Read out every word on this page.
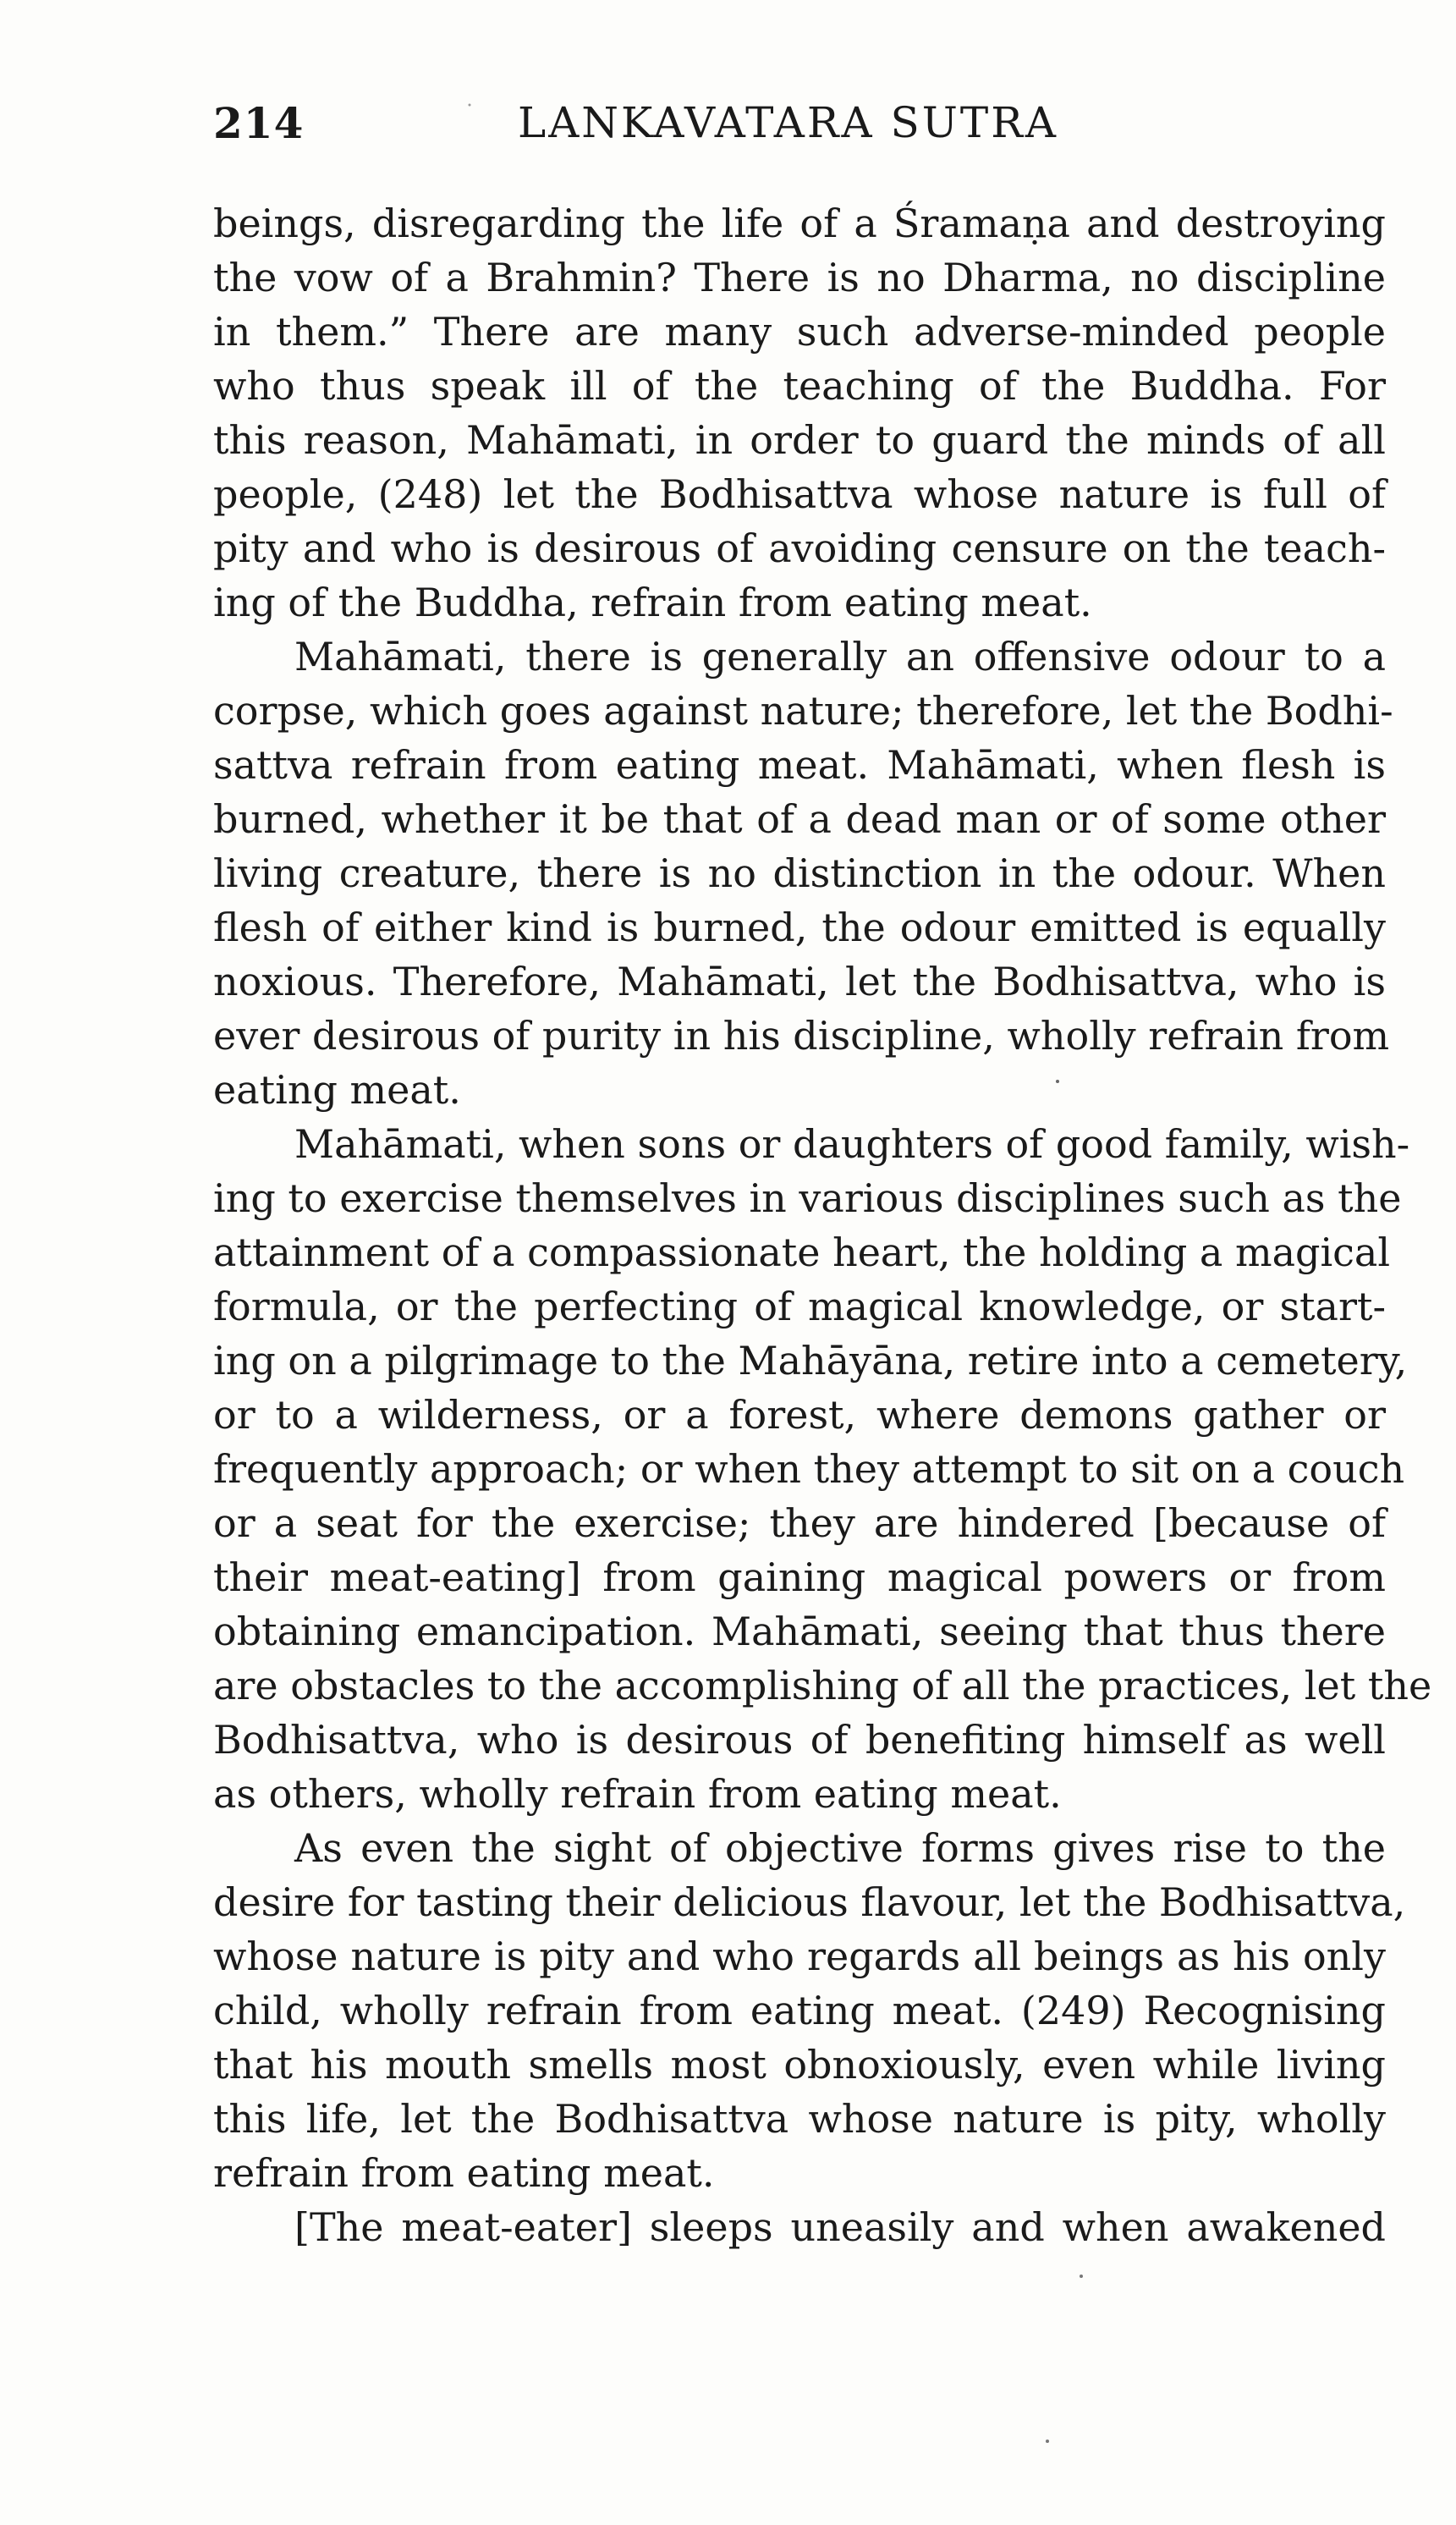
214	LANKAVATARA SUTRA
beings, disregarding the life of a Śramaṇa and destroying
the vow of a Brahmin? There is no Dharma, no discipline
in them.” There are many such adverse-minded people
who thus speak ill of the teaching of the Buddha. For
this reason, Mahāmati, in order to guard the minds of all
people, (248) let the Bodhisattva whose nature is full of
pity and who is desirous of avoiding censure on the teach-
ing of the Buddha, refrain from eating meat.
Mahāmati, there is generally an offensive odour to a
corpse, which goes against nature; therefore, let the Bodhi-
sattva refrain from eating meat. Mahāmati, when flesh is
burned, whether it be that of a dead man or of some other
living creature, there is no distinction in the odour. When
flesh of either kind is burned, the odour emitted is equally
noxious. Therefore, Mahāmati, let the Bodhisattva, who is
ever desirous of purity in his discipline, wholly refrain from
eating meat.
Mahāmati, when sons or daughters of good family, wish-
ing to exercise themselves in various disciplines such as the
attainment of a compassionate heart, the holding a magical
formula, or the perfecting of magical knowledge, or start-
ing on a pilgrimage to the Mahāyāna, retire into a cemetery,
or to a wilderness, or a forest, where demons gather or
frequently approach; or when they attempt to sit on a couch
or a seat for the exercise; they are hindered [because of
their meat-eating] from gaining magical powers or from
obtaining emancipation. Mahāmati, seeing that thus there
are obstacles to the accomplishing of all the practices, let the
Bodhisattva, who is desirous of benefiting himself as well
as others, wholly refrain from eating meat.
As even the sight of objective forms gives rise to the
desire for tasting their delicious flavour, let the Bodhisattva,
whose nature is pity and who regards all beings as his only
child, wholly refrain from eating meat. (249) Recognising
that his mouth smells most obnoxiously, even while living
this life, let the Bodhisattva whose nature is pity, wholly
refrain from eating meat.
[The meat-eater] sleeps uneasily and when awakened
